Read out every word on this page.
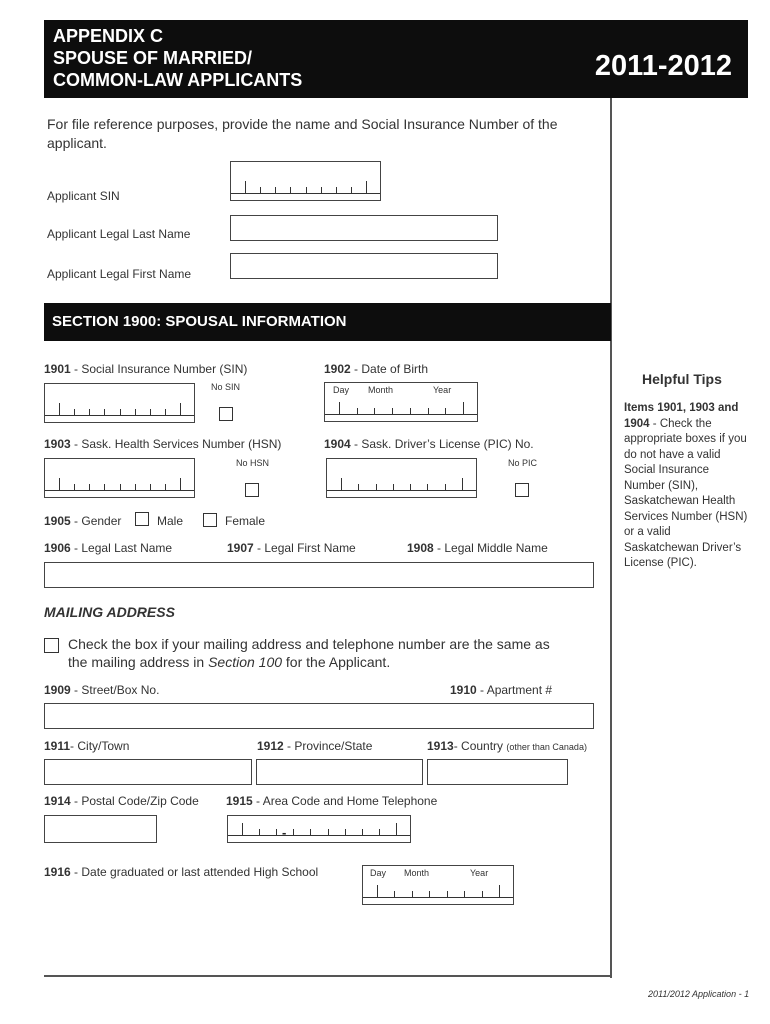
APPENDIX C
SPOUSE OF MARRIED/
COMMON-LAW APPLICANTS	2011-2012
For file reference purposes, provide the name and Social Insurance Number of the applicant.
Applicant SIN
Applicant Legal Last Name
Applicant Legal First Name
SECTION 1900: SPOUSAL INFORMATION
1901 - Social Insurance Number (SIN)
No SIN
1902 - Date of Birth
Day Month	Year
1903 - Sask. Health Services Number (HSN)
No HSN
1904 - Sask. Driver’s License (PIC) No.
No PIC
1905 - Gender	Male	Female
1906 - Legal Last Name	1907 - Legal First Name	1908 - Legal Middle Name
MAILING ADDRESS
Check the box if your mailing address and telephone number are the same as
the mailing address in Section 100 for the Applicant.
1909 - Street/Box No.	1910 - Apartment #
1911- City/Town	1912 - Province/State	1913- Country (other than Canada)
1914 - Postal Code/Zip Code 1915 - Area Code and Home Telephone
-
1916 - Date graduated or last attended High School	Day Month	Year
Helpful Tips
Items 1901, 1903 and 1904 - Check the appropriate boxes if you do not have a valid Social Insurance Number (SIN), Saskatchewan Health Services Number (HSN) or a valid Saskatchewan Driver’s License (PIC).
2011/2012 Application - 1
